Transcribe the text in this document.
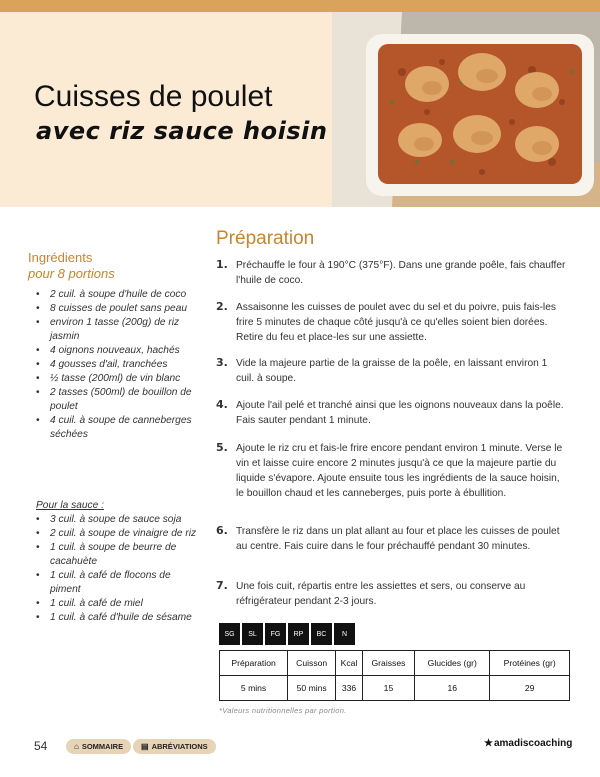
Cuisses de poulet
avec riz sauce hoisin
Ingrédients
pour 8 portions
• 2 cuil. à soupe d'huile de coco
• 8 cuisses de poulet sans peau
• environ 1 tasse (200g) de riz jasmin
• 4 oignons nouveaux, hachés
• 4 gousses d'ail, tranchées
• ½ tasse (200ml) de vin blanc
• 2 tasses (500ml) de bouillon de poulet
• 4 cuil. à soupe de canneberges séchées
Pour la sauce :
• 3 cuil. à soupe de sauce soja
• 2 cuil. à soupe de vinaigre de riz
• 1 cuil. à soupe de beurre de cacahuète
• 1 cuil. à café de flocons de piment
• 1 cuil. à café de miel
• 1 cuil. à café d'huile de sésame
Préparation
1. Préchauffe le four à 190°C (375°F). Dans une grande poêle, fais chauffer l'huile de coco.
2. Assaisonne les cuisses de poulet avec du sel et du poivre, puis fais-les frire 5 minutes de chaque côté jusqu'à ce qu'elles soient bien dorées. Retire du feu et place-les sur une assiette.
3. Vide la majeure partie de la graisse de la poêle, en laissant environ 1 cuil. à soupe.
4. Ajoute l'ail pelé et tranché ainsi que les oignons nouveaux dans la poêle. Fais sauter pendant 1 minute.
5. Ajoute le riz cru et fais-le frire encore pendant environ 1 minute. Verse le vin et laisse cuire encore 2 minutes jusqu'à ce que la majeure partie du liquide s'évapore. Ajoute ensuite tous les ingrédients de la sauce hoisin, le bouillon chaud et les canneberges, puis porte à ébullition.
6. Transfère le riz dans un plat allant au four et place les cuisses de poulet au centre. Fais cuire dans le four préchauffé pendant 30 minutes.
7. Une fois cuit, répartis entre les assiettes et sers, ou conserve au réfrigérateur pendant 2-3 jours.
SG	SL	FG	RP	BC	N
Préparation	Cuisson	Kcal	Graisses	Glucides (gr)	Protéines (gr)
5 mins	50 mins	336	15	16	29
*Valeurs nutritionnelles par portion.
54	⌂ SOMMAIRE ▤ ABRÉVIATIONS	★ amadiscoaching
